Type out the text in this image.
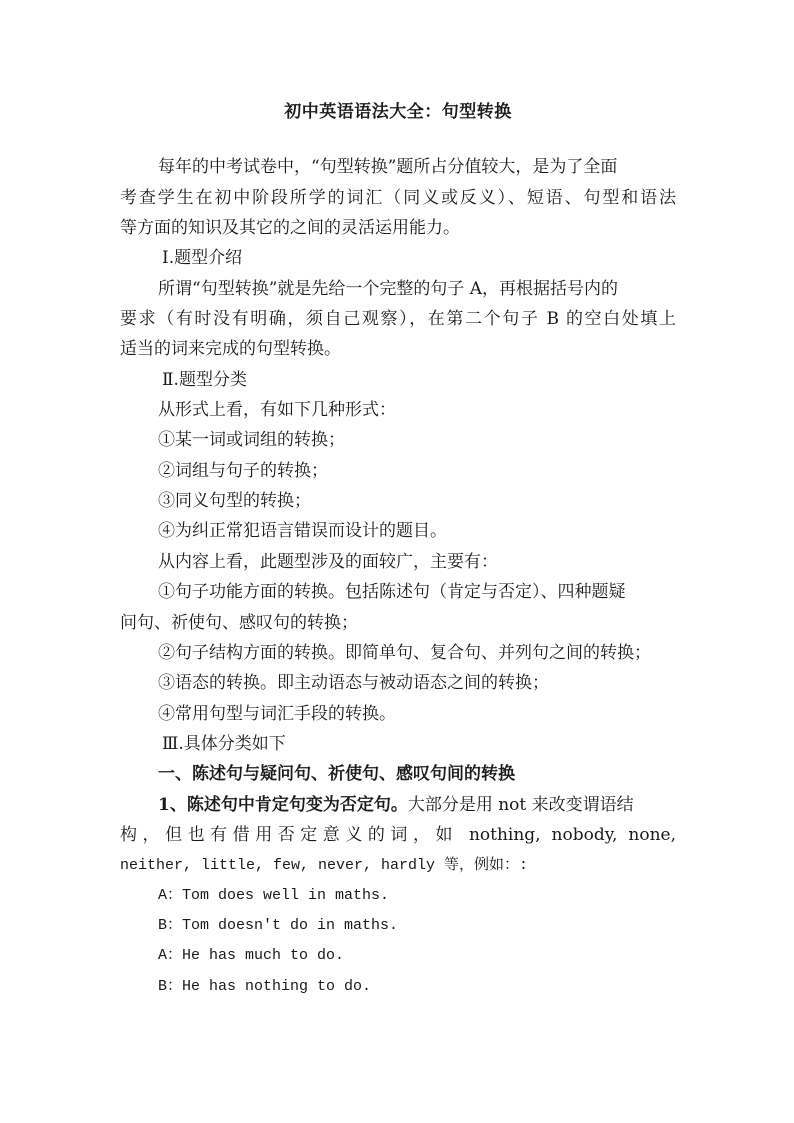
初中英语语法大全：句型转换
每年的中考试卷中，“句型转换”题所占分值较大，是为了全面
考查学生在初中阶段所学的词汇（同义或反义）、短语、句型和语法
等方面的知识及其它的之间的灵活运用能力。
Ⅰ.题型介绍
所谓“句型转换”就是先给一个完整的句子 A，再根据括号内的
要求（有时没有明确，须自己观察），在第二个句子 B 的空白处填上
适当的词来完成的句型转换。
Ⅱ.题型分类
从形式上看，有如下几种形式：
①某一词或词组的转换；
②词组与句子的转换；
③同义句型的转换；
④为纠正常犯语言错误而设计的题目。
从内容上看，此题型涉及的面较广，主要有：
①句子功能方面的转换。包括陈述句（肯定与否定）、四种题疑
问句、祈使句、感叹句的转换；
②句子结构方面的转换。即简单句、复合句、并列句之间的转换；
③语态的转换。即主动语态与被动语态之间的转换；
④常用句型与词汇手段的转换。
Ⅲ.具体分类如下
一、陈述句与疑问句、祈使句、感叹句间的转换
1、陈述句中肯定句变为否定句。大部分是用 not 来改变谓语结
构，但也有借用否定意义的词，如 nothing, nobody, none,
neither, little, few, never, hardly 等，例如：:
A：Tom does well in maths.
B：Tom doesn't do in maths.
A：He has much to do.
B：He has nothing to do.
